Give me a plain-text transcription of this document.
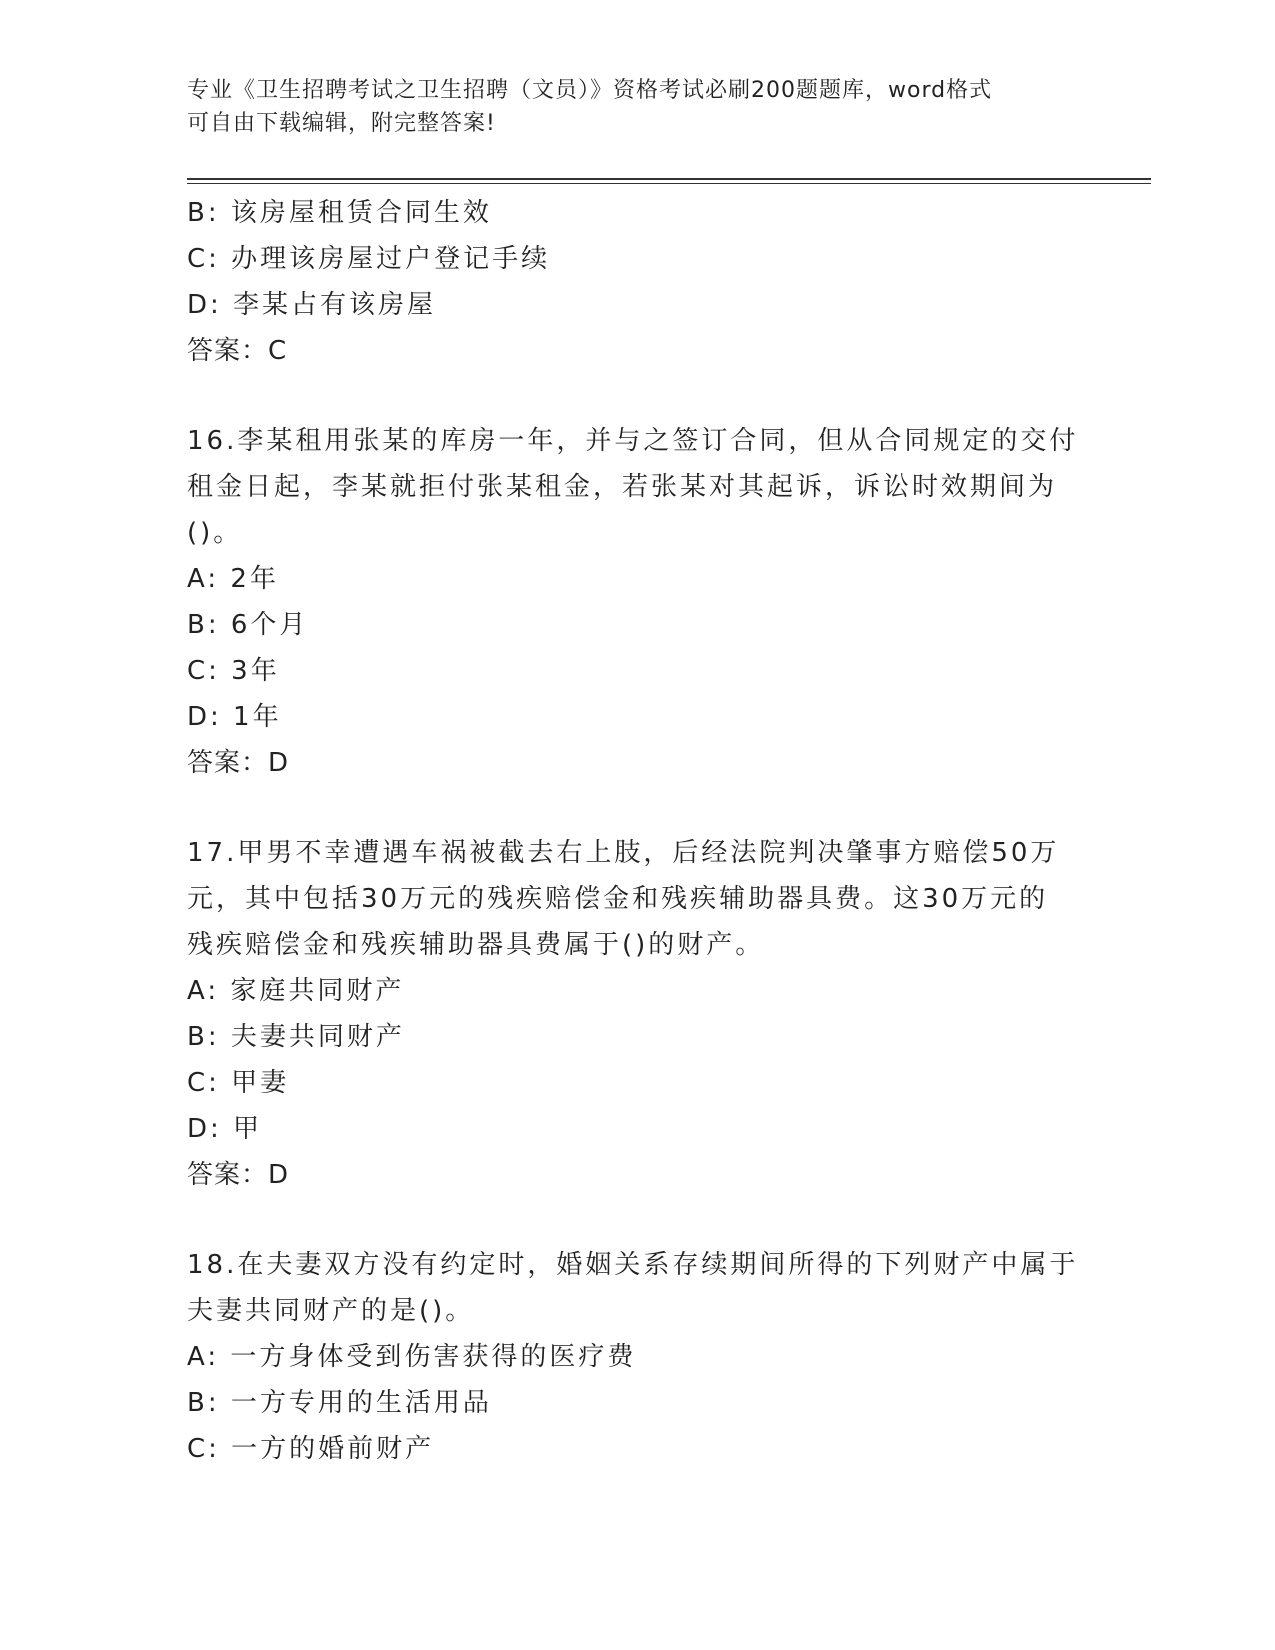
专业《卫生招聘考试之卫生招聘（文员）》资格考试必刷200题题库，word格式
可自由下载编辑，附完整答案!
B: 该房屋租赁合同生效
C: 办理该房屋过户登记手续
D: 李某占有该房屋
答案：C
16.李某租用张某的库房一年，并与之签订合同，但从合同规定的交付
租金日起，李某就拒付张某租金，若张某对其起诉，诉讼时效期间为
()。
A: 2年
B: 6个月
C: 3年
D: 1年
答案：D
17.甲男不幸遭遇车祸被截去右上肢，后经法院判决肇事方赔偿50万
元，其中包括30万元的残疾赔偿金和残疾辅助器具费。这30万元的
残疾赔偿金和残疾辅助器具费属于()的财产。
A: 家庭共同财产
B: 夫妻共同财产
C: 甲妻
D: 甲
答案：D
18.在夫妻双方没有约定时，婚姻关系存续期间所得的下列财产中属于
夫妻共同财产的是()。
A: 一方身体受到伤害获得的医疗费
B: 一方专用的生活用品
C: 一方的婚前财产
